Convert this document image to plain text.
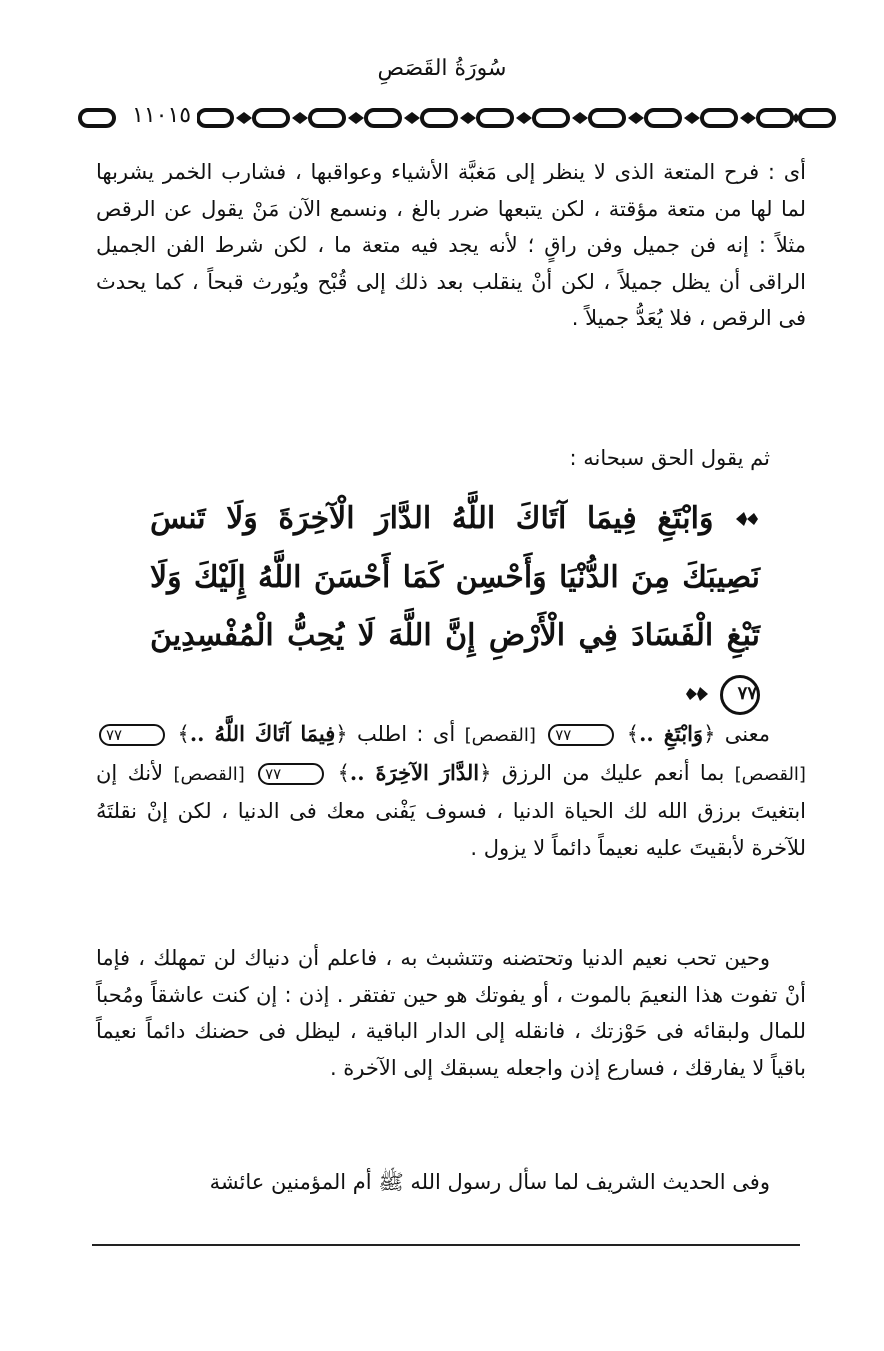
سُورَةُ القَصَصِ
١١٠١٥

أى : فرح المتعة الذى لا ينظر إلى مَغبَّة الأشياء وعواقبها ، فشارب الخمر يشربها لما لها من متعة مؤقتة ، لكن يتبعها ضرر بالغ ، ونسمع الآن مَنْ يقول عن الرقص مثلاً : إنه فن جميل وفن راقٍ ؛ لأنه يجد فيه متعة ما ، لكن شرط الفن الجميل الراقى أن يظل جميلاً ، لكن أنْ ينقلب بعد ذلك إلى قُبْح ويُورث قبحاً ، كما يحدث فى الرقص ، فلا يُعَدُّ جميلاً .

ثم يقول الحق سبحانه :

وَابْتَغِ فِيمَا آتَاكَ اللَّهُ الدَّارَ الْآخِرَةَ وَلَا تَنسَ نَصِيبَكَ مِنَ الدُّنْيَا وَأَحْسِن كَمَا أَحْسَنَ اللَّهُ إِلَيْكَ وَلَا تَبْغِ الْفَسَادَ فِي الْأَرْضِ إِنَّ اللَّهَ لَا يُحِبُّ الْمُفْسِدِينَ ٧٧

معنى ﴿وَابْتَغِ ..﴾ ٧٧ [القصص] أى : اطلب ﴿فِيمَا آتَاكَ اللَّهُ ..﴾ ٧٧ [القصص] بما أنعم عليك من الرزق ﴿الدَّارَ الآخِرَةَ ..﴾ ٧٧ [القصص] لأنك إن ابتغيتَ برزق الله لك الحياة الدنيا ، فسوف يَفْنى معك فى الدنيا ، لكن إنْ نقلتَهُ للآخرة لأبقيتَ عليه نعيماً دائماً لا يزول .

وحين تحب نعيم الدنيا وتحتضنه وتتشبث به ، فاعلم أن دنياك لن تمهلك ، فإما أنْ تفوت هذا النعيمَ بالموت ، أو يفوتك هو حين تفتقر . إذن : إن كنت عاشقاً ومُحباً للمال ولبقائه فى حَوْزتك ، فانقله إلى الدار الباقية ، ليظل فى حضنك دائماً نعيماً باقياً لا يفارقك ، فسارع إذن واجعله يسبقك إلى الآخرة .

وفى الحديث الشريف لما سأل رسول الله ﷺ أم المؤمنين عائشة
